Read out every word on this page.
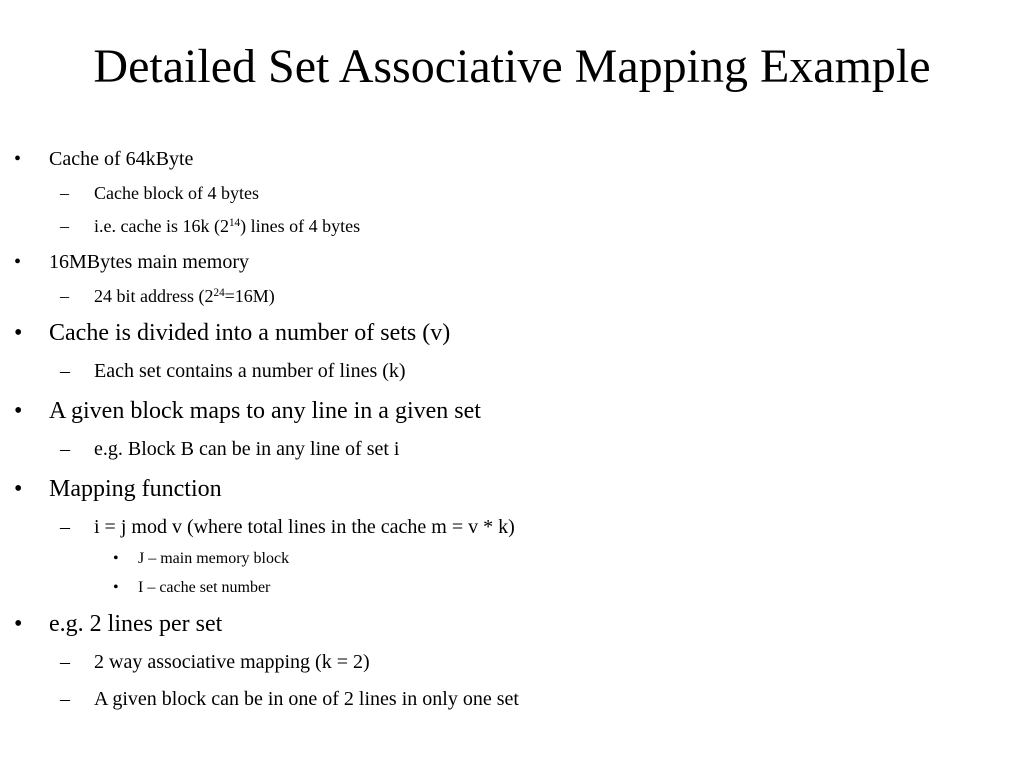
Detailed Set Associative Mapping Example
• Cache of 64kByte
– Cache block of 4 bytes
– i.e. cache is 16k $(2^{14})$ lines of 4 bytes
• 16MBytes main memory
– 24 bit address $(2^{24}=16M)$
• Cache is divided into a number of sets (v)
– Each set contains a number of lines (k)
• A given block maps to any line in a given set
– e.g. Block B can be in any line of set i
• Mapping function
– i = j mod v (where total lines in the cache m = v * k)
• J – main memory block
• I – cache set number
• e.g. 2 lines per set
– 2 way associative mapping (k = 2)
– A given block can be in one of 2 lines in only one set
